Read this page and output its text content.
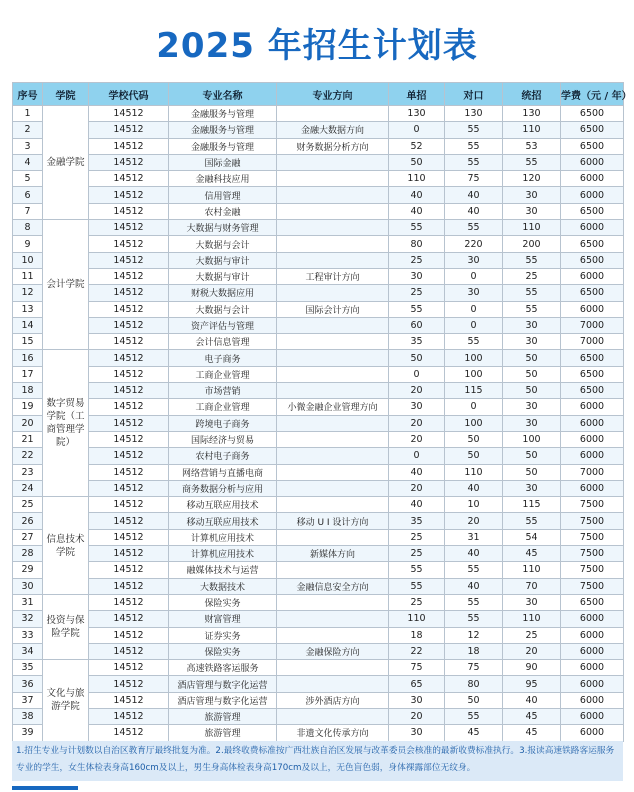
2025 年招生计划表
序号	学院	学校代码	专业名称	专业方向	单招	对口	统招	学费（元 / 年）
1	金融学院	14512	金融服务与管理		130	130	130	6500
2		14512	金融服务与管理	金融大数据方向	0	55	110	6500
3		14512	金融服务与管理	财务数据分析方向	52	55	53	6500
4		14512	国际金融		50	55	55	6000
5		14512	金融科技应用		110	75	120	6000
6		14512	信用管理		40	40	30	6000
7		14512	农村金融		40	40	30	6500
8	会计学院	14512	大数据与财务管理		55	55	110	6000
9		14512	大数据与会计		80	220	200	6500
10		14512	大数据与审计		25	30	55	6500
11		14512	大数据与审计	工程审计方向	30	0	25	6000
12		14512	财税大数据应用		25	30	55	6500
13		14512	大数据与会计	国际会计方向	55	0	55	6000
14		14512	资产评估与管理		60	0	30	7000
15		14512	会计信息管理		35	55	30	7000
16	数字贸易学院（工商管理学院）	14512	电子商务		50	100	50	6500
17		14512	工商企业管理		0	100	50	6500
18		14512	市场营销		20	115	50	6500
19		14512	工商企业管理	小微金融企业管理方向	30	0	30	6000
20		14512	跨境电子商务		20	100	30	6000
21		14512	国际经济与贸易		20	50	100	6000
22		14512	农村电子商务		0	50	50	6000
23		14512	网络营销与直播电商		40	110	50	7000
24		14512	商务数据分析与应用		20	40	30	6000
25	信息技术学院	14512	移动互联应用技术		40	10	115	7500
26		14512	移动互联应用技术	移动 U I 设计方向	35	20	55	7500
27		14512	计算机应用技术		25	31	54	7500
28		14512	计算机应用技术	新媒体方向	25	40	45	7500
29		14512	融媒体技术与运营		55	55	110	7500
30		14512	大数据技术	金融信息安全方向	55	40	70	7500
31	投资与保险学院	14512	保险实务		25	55	30	6500
32		14512	财富管理		110	55	110	6000
33		14512	证券实务		18	12	25	6000
34		14512	保险实务	金融保险方向	22	18	20	6000
35	文化与旅游学院	14512	高速铁路客运服务		75	75	90	6000
36		14512	酒店管理与数字化运营		65	80	95	6000
37		14512	酒店管理与数字化运营	涉外酒店方向	30	50	40	6000
38		14512	旅游管理		20	55	45	6000
39		14512	旅游管理	非遗文化传承方向	30	45	45	6000
1.招生专业与计划数以自治区教育厅最终批复为准。2.最终收费标准按广西壮族自治区发展与改革委员会核准的最新收费标准执行。3.报读高速铁路客运服务专业的学生，女生体检表身高160cm及以上，男生身高体检表身高170cm及以上，无色盲色弱，身体裸露部位无纹身。
